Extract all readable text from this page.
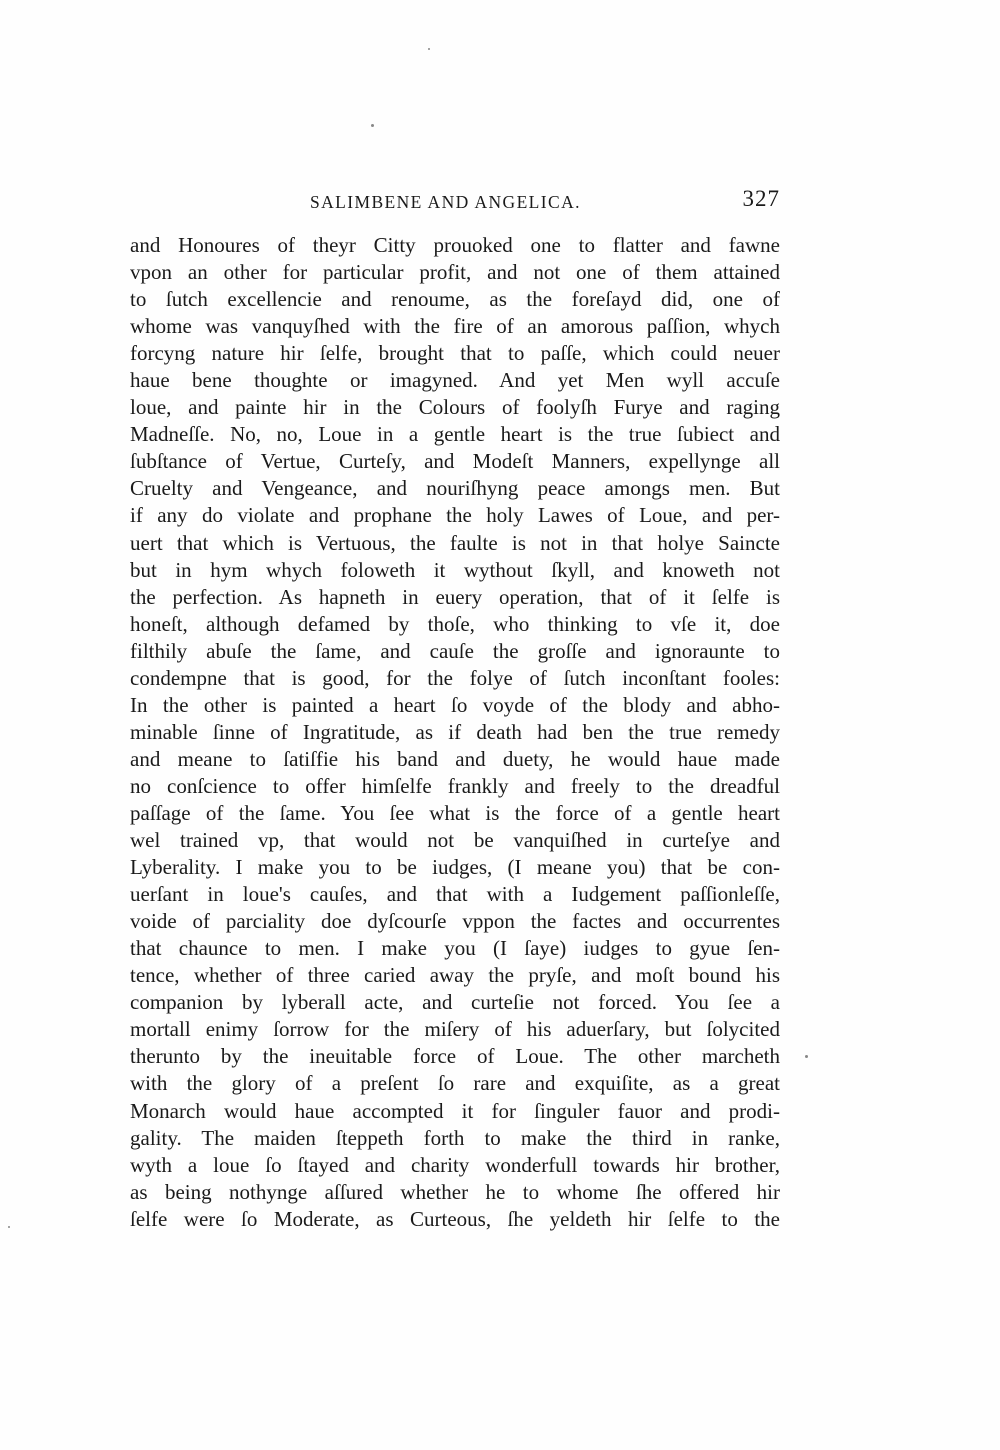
SALIMBENE AND ANGELICA.	327
and Honoures of theyr Citty prouoked one to flatter and fawne
vpon an other for particular profit, and not one of them attained
to ſutch excellencie and renoume, as the foreſayd did, one of
whome was vanquyſhed with the fire of an amorous paſſion, whych
forcyng nature hir ſelfe, brought that to paſſe, which could neuer
haue bene thoughte or imagyned. And yet Men wyll accuſe
loue, and painte hir in the Colours of foolyſh Furye and raging
Madneſſe. No, no, Loue in a gentle heart is the true ſubiect and
ſubſtance of Vertue, Curteſy, and Modeſt Manners, expellynge all
Cruelty and Vengeance, and nouriſhyng peace amongs men. But
if any do violate and prophane the holy Lawes of Loue, and per-
uert that which is Vertuous, the faulte is not in that holye Saincte
but in hym whych foloweth it wythout ſkyll, and knoweth not
the perfection. As hapneth in euery operation, that of it ſelfe is
honeſt, although defamed by thoſe, who thinking to vſe it, doe
filthily abuſe the ſame, and cauſe the groſſe and ignoraunte to
condempne that is good, for the folye of ſutch inconſtant fooles:
In the other is painted a heart ſo voyde of the blody and abho-
minable ſinne of Ingratitude, as if death had ben the true remedy
and meane to ſatiſfie his band and duety, he would haue made
no conſcience to offer himſelfe frankly and freely to the dreadful
paſſage of the ſame. You ſee what is the force of a gentle heart
wel trained vp, that would not be vanquiſhed in curteſye and
Lyberality. I make you to be iudges, (I meane you) that be con-
uerſant in loue's cauſes, and that with a Iudgement paſſionleſſe,
voide of parciality doe dyſcourſe vppon the factes and occurrentes
that chaunce to men. I make you (I ſaye) iudges to gyue ſen-
tence, whether of three caried away the pryſe, and moſt bound his
companion by lyberall acte, and curteſie not forced. You ſee a
mortall enimy ſorrow for the miſery of his aduerſary, but ſolycited
therunto by the ineuitable force of Loue. The other marcheth
with the glory of a preſent ſo rare and exquiſite, as a great
Monarch would haue accompted it for ſinguler fauor and prodi-
gality. The maiden ſteppeth forth to make the third in ranke,
wyth a loue ſo ſtayed and charity wonderfull towards hir brother,
as being nothynge aſſured whether he to whome ſhe offered hir
ſelfe were ſo Moderate, as Curteous, ſhe yeldeth hir ſelfe to the
